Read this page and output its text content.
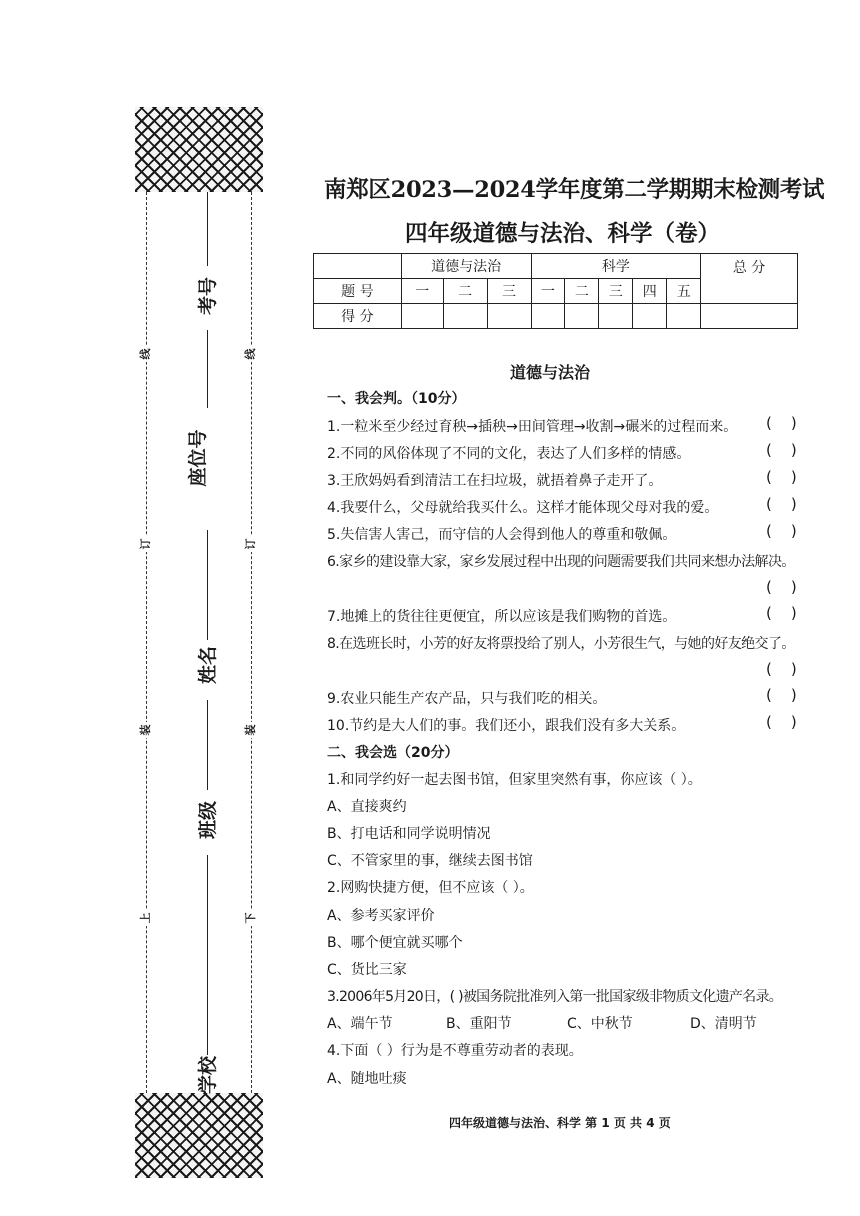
线	线
订	订
装	装
上	下
考号
座位号
姓名
班级
学校
南郑区2023—2024学年度第二学期期末检测考试
四年级道德与法治、科学（卷）
	道德与法治			科学					总 分
题 号	一	二	三	一	二	三	四	五	
得 分									
道德与法治
一、我会判。（10分）
1.一粒米至少经过育秧→插秧→田间管理→收割→碾米的过程而来。 (    )
2.不同的风俗体现了不同的文化，表达了人们多样的情感。	(    )
3.王欣妈妈看到清洁工在扫垃圾，就捂着鼻子走开了。	(    )
4.我要什么，父母就给我买什么。这样才能体现父母对我的爱。	(    )
5.失信害人害己，而守信的人会得到他人的尊重和敬佩。	(    )
6.家乡的建设靠大家，家乡发展过程中出现的问题需要我们共同来想办法解决。
(    )
7.地摊上的货往往更便宜，所以应该是我们购物的首选。	(    )
8.在选班长时，小芳的好友将票投给了别人，小芳很生气，与她的好友绝交了。
(    )
9.农业只能生产农产品，只与我们吃的相关。	(    )
10.节约是大人们的事。我们还小，跟我们没有多大关系。	(    )
二、我会选（20分）
1.和同学约好一起去图书馆，但家里突然有事，你应该（ ）。
A、直接爽约
B、打电话和同学说明情况
C、不管家里的事，继续去图书馆
2.网购快捷方便，但不应该（ ）。
A、参考买家评价
B、哪个便宜就买哪个
C、货比三家
3.2006年5月20日，( )被国务院批准列入第一批国家级非物质文化遗产名录。
A、端午节	B、重阳节	C、中秋节	D、清明节
4.下面（ ）行为是不尊重劳动者的表现。
A、随地吐痰
四年级道德与法治、科学 第 1 页 共 4 页
